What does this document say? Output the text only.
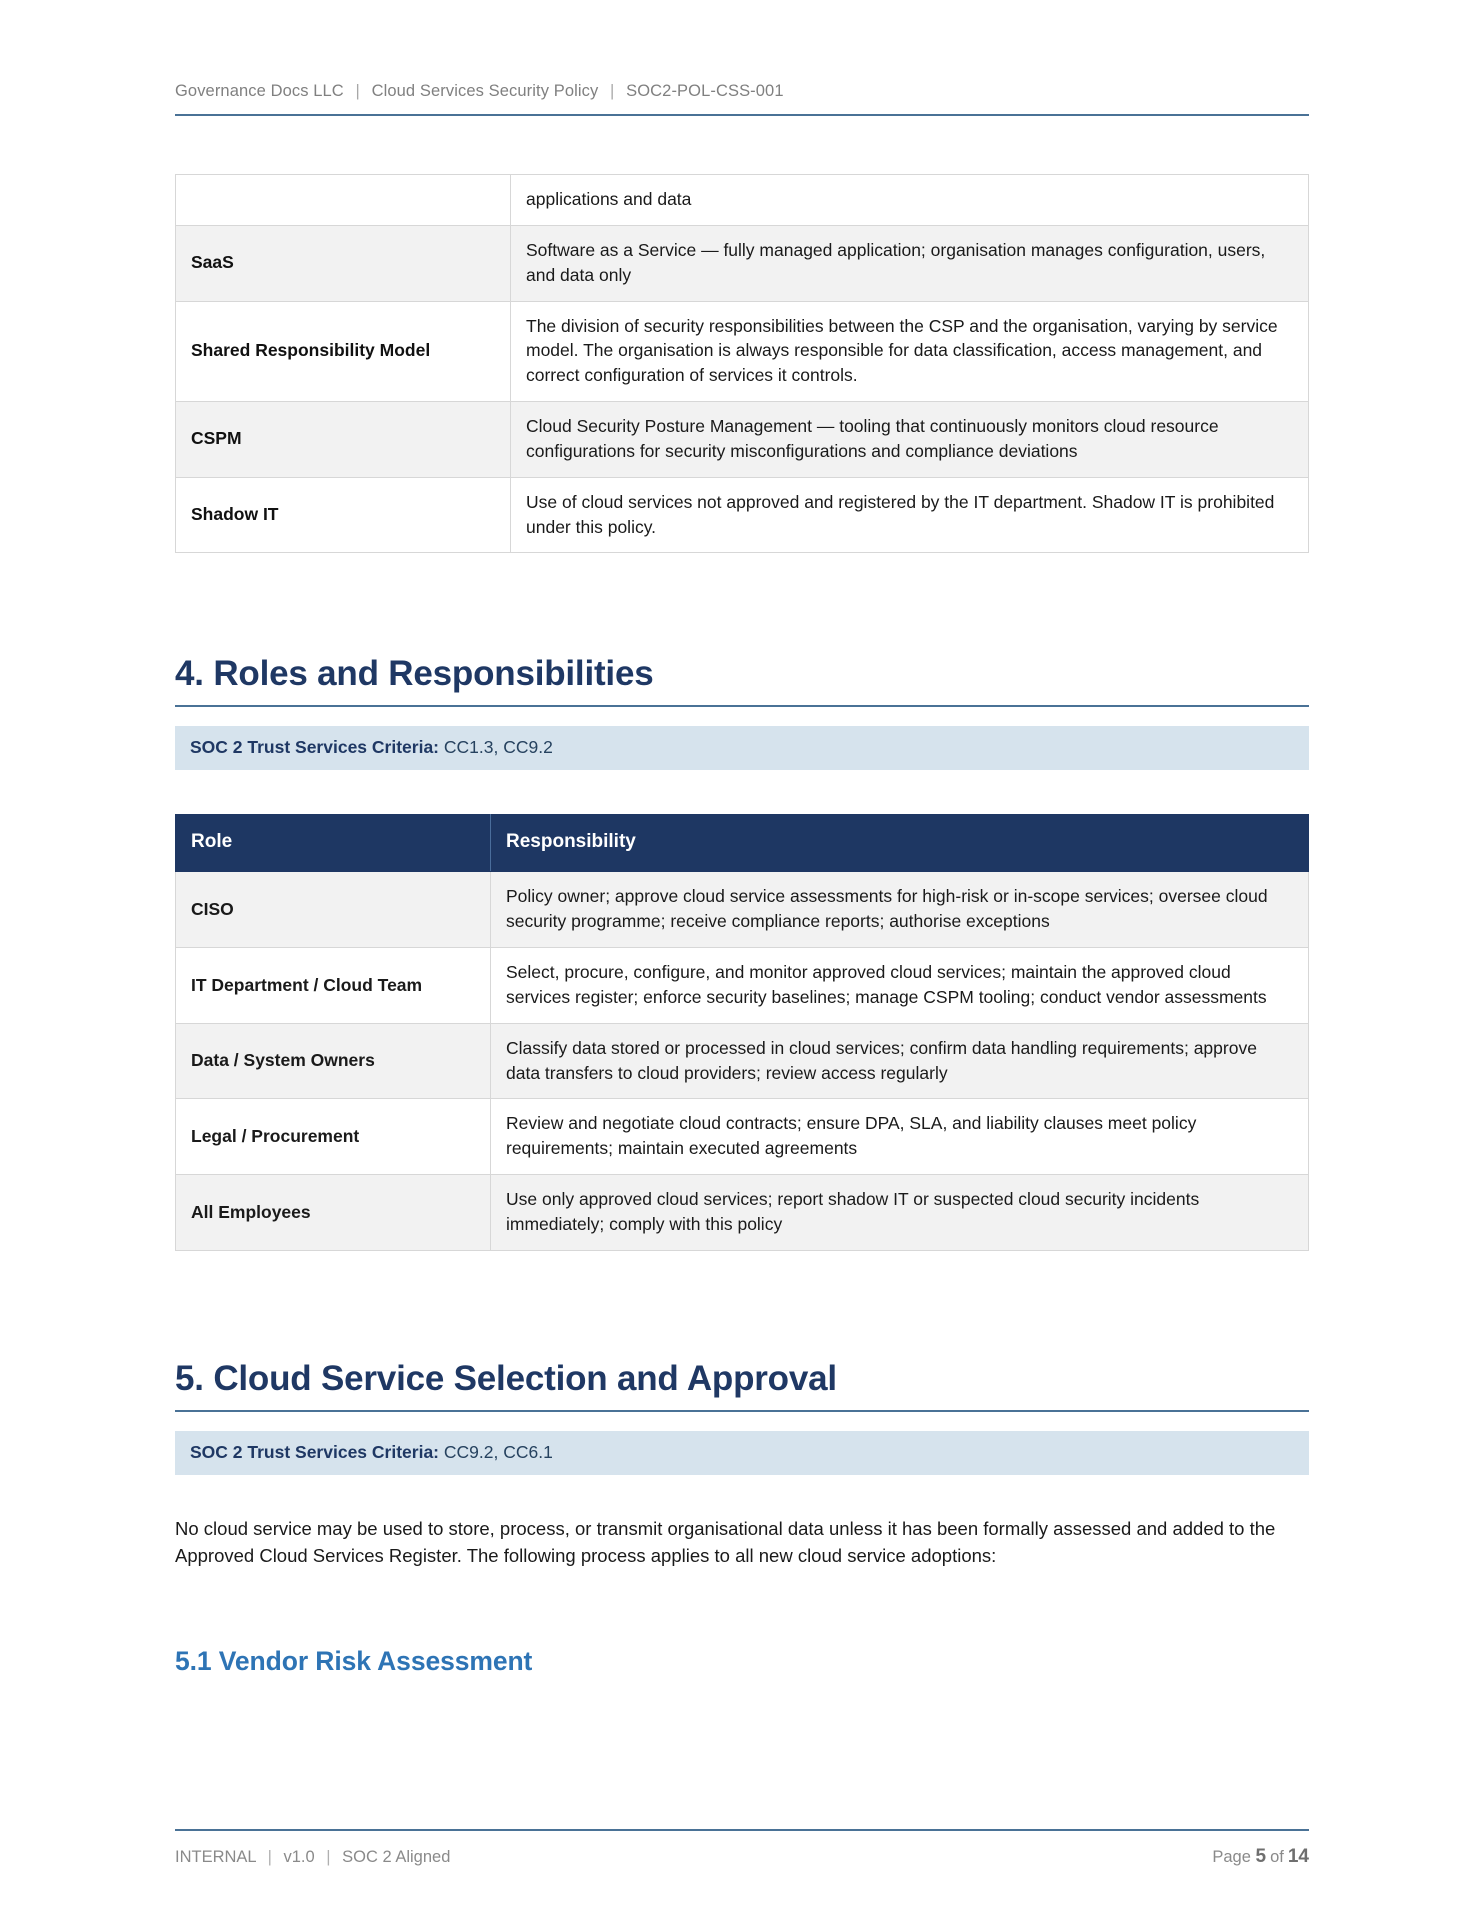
Governance Docs LLC | Cloud Services Security Policy | SOC2-POL-CSS-001
	applications and data
SaaS	Software as a Service — fully managed application; organisation manages configuration, users, and data only
Shared Responsibility Model	The division of security responsibilities between the CSP and the organisation, varying by service model. The organisation is always responsible for data classification, access management, and correct configuration of services it controls.
CSPM	Cloud Security Posture Management — tooling that continuously monitors cloud resource configurations for security misconfigurations and compliance deviations
Shadow IT	Use of cloud services not approved and registered by the IT department. Shadow IT is prohibited under this policy.
4. Roles and Responsibilities
SOC 2 Trust Services Criteria: CC1.3, CC9.2
Role	Responsibility
CISO	Policy owner; approve cloud service assessments for high-risk or in-scope services; oversee cloud security programme; receive compliance reports; authorise exceptions
IT Department / Cloud Team	Select, procure, configure, and monitor approved cloud services; maintain the approved cloud services register; enforce security baselines; manage CSPM tooling; conduct vendor assessments
Data / System Owners	Classify data stored or processed in cloud services; confirm data handling requirements; approve data transfers to cloud providers; review access regularly
Legal / Procurement	Review and negotiate cloud contracts; ensure DPA, SLA, and liability clauses meet policy requirements; maintain executed agreements
All Employees	Use only approved cloud services; report shadow IT or suspected cloud security incidents immediately; comply with this policy
5. Cloud Service Selection and Approval
SOC 2 Trust Services Criteria: CC9.2, CC6.1

No cloud service may be used to store, process, or transmit organisational data unless it has been formally assessed and added to the Approved Cloud Services Register. The following process applies to all new cloud service adoptions:

5.1 Vendor Risk Assessment
INTERNAL | v1.0 | SOC 2 Aligned	Page 5 of 14
